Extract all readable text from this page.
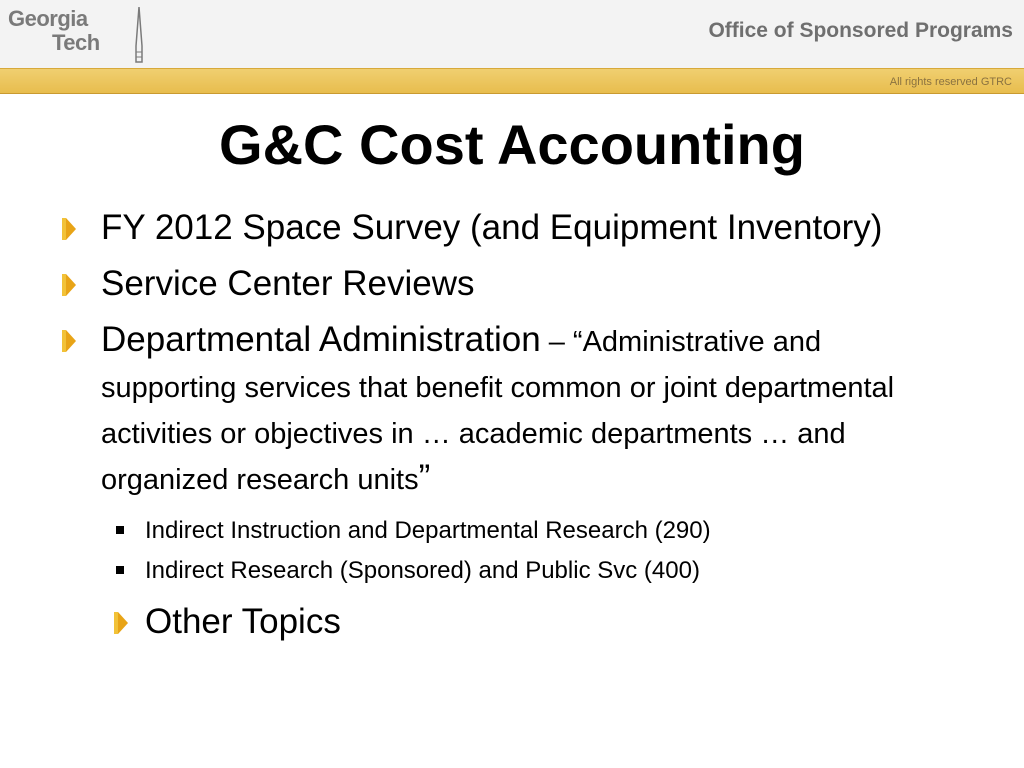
Georgia
Tech	Office of Sponsored Programs
All rights reserved GTRC
G&C Cost Accounting
FY 2012 Space Survey (and Equipment Inventory)
Service Center Reviews
Departmental Administration – “Administrative and supporting services that benefit common or joint departmental activities or objectives in … academic departments … and organized research units”
Indirect Instruction and Departmental Research (290)
Indirect Research (Sponsored) and Public Svc (400)
Other Topics
